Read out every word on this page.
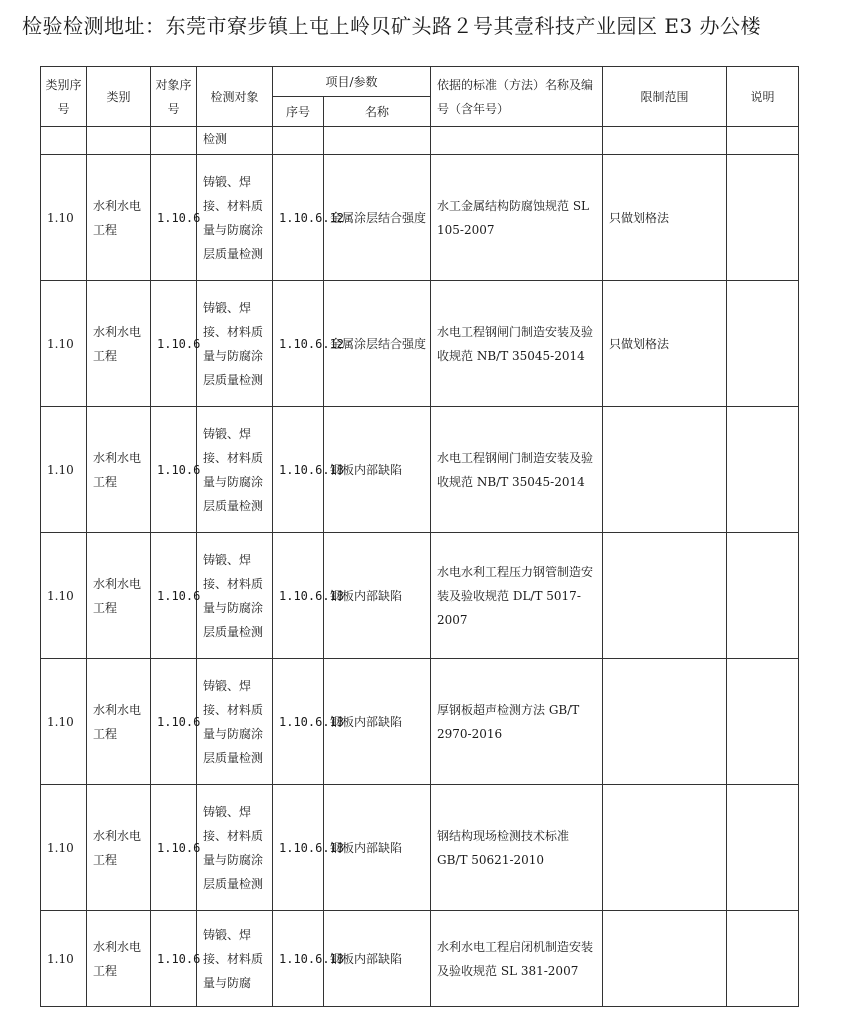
检验检测地址：东莞市寮步镇上屯上岭贝矿头路２号其壹科技产业园区 E3 办公楼
类别序号	类别	对象序号	检测对象	项目/参数		依据的标准（方法）名称及编号（含年号）	限制范围	说明
				序号	名称			
			检测					
1.10	水利水电工程	1.10.6	铸锻、焊接、材料质量与防腐涂层质量检测	1.10.6.12	金属涂层结合强度	水工金属结构防腐蚀规范 SL 105-2007	只做划格法	
1.10	水利水电工程	1.10.6	铸锻、焊接、材料质量与防腐涂层质量检测	1.10.6.12	金属涂层结合强度	水电工程钢闸门制造安装及验收规范 NB/T 35045-2014	只做划格法	
1.10	水利水电工程	1.10.6	铸锻、焊接、材料质量与防腐涂层质量检测	1.10.6.13	钢板内部缺陷	水电工程钢闸门制造安装及验收规范 NB/T 35045-2014		
1.10	水利水电工程	1.10.6	铸锻、焊接、材料质量与防腐涂层质量检测	1.10.6.13	钢板内部缺陷	水电水利工程压力钢管制造安装及验收规范 DL/T 5017-2007		
1.10	水利水电工程	1.10.6	铸锻、焊接、材料质量与防腐涂层质量检测	1.10.6.13	钢板内部缺陷	厚钢板超声检测方法 GB/T 2970-2016		
1.10	水利水电工程	1.10.6	铸锻、焊接、材料质量与防腐涂层质量检测	1.10.6.13	钢板内部缺陷	钢结构现场检测技术标准 GB/T 50621-2010		
1.10	水利水电工程	1.10.6	铸锻、焊接、材料质量与防腐	1.10.6.13	钢板内部缺陷	水利水电工程启闭机制造安装及验收规范 SL 381-2007		
